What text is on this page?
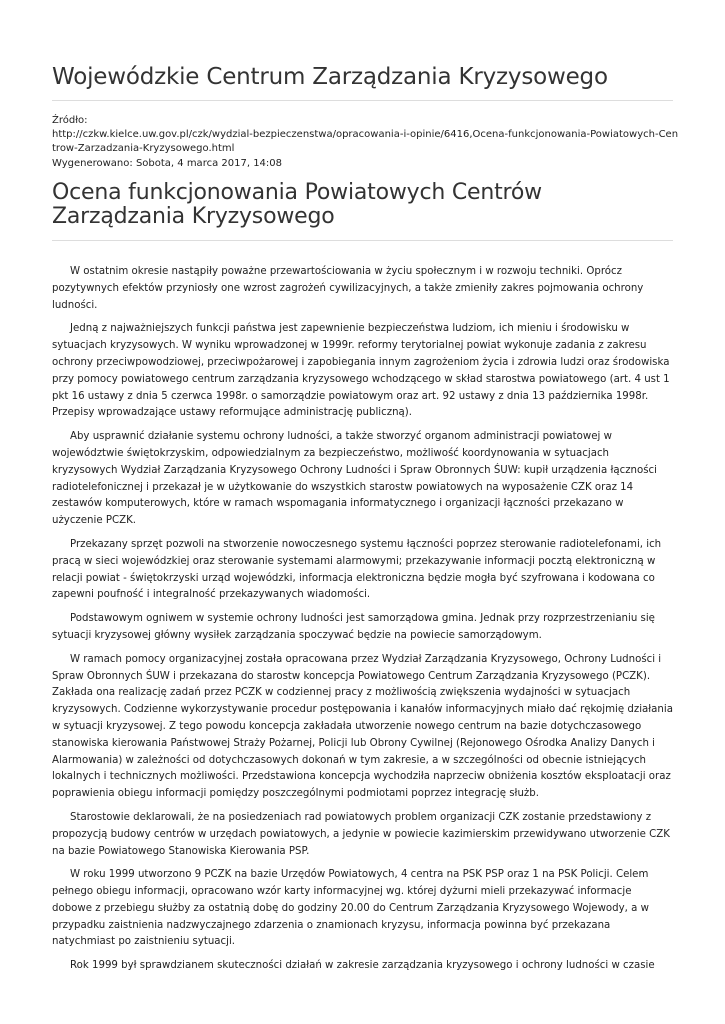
Wojewódzkie Centrum Zarządzania Kryzysowego
Źródło:
http://czkw.kielce.uw.gov.pl/czk/wydzial-bezpieczenstwa/opracowania-i-opinie/6416,Ocena-funkcjonowania-Powiatowych-Cen
trow-Zarzadzania-Kryzysowego.html
Wygenerowano: Sobota, 4 marca 2017, 14:08
Ocena funkcjonowania Powiatowych Centrów Zarządzania Kryzysowego

W ostatnim okresie nastąpiły poważne przewartościowania w życiu społecznym i w rozwoju techniki. Oprócz pozytywnych efektów przyniosły one wzrost zagrożeń cywilizacyjnych, a także zmieniły zakres pojmowania ochrony ludności.

Jedną z najważniejszych funkcji państwa jest zapewnienie bezpieczeństwa ludziom, ich mieniu i środowisku w sytuacjach kryzysowych. W wyniku wprowadzonej w 1999r. reformy terytorialnej powiat wykonuje zadania z zakresu ochrony przeciwpowodziowej, przeciwpożarowej i zapobiegania innym zagrożeniom życia i zdrowia ludzi oraz środowiska przy pomocy powiatowego centrum zarządzania kryzysowego wchodzącego w skład starostwa powiatowego (art. 4 ust 1 pkt 16 ustawy z dnia 5 czerwca 1998r. o samorządzie powiatowym oraz art. 92 ustawy z dnia 13 października 1998r. Przepisy wprowadzające ustawy reformujące administrację publiczną).

Aby usprawnić działanie systemu ochrony ludności, a także stworzyć organom administracji powiatowej w województwie świętokrzyskim, odpowiedzialnym za bezpieczeństwo, możliwość koordynowania w sytuacjach kryzysowych Wydział Zarządzania Kryzysowego Ochrony Ludności i Spraw Obronnych ŚUW: kupił urządzenia łączności radiotelefonicznej i przekazał je w użytkowanie do wszystkich starostw powiatowych na wyposażenie CZK oraz 14 zestawów komputerowych, które w ramach wspomagania informatycznego i organizacji łączności przekazano w użyczenie PCZK.

Przekazany sprzęt pozwoli na stworzenie nowoczesnego systemu łączności poprzez sterowanie radiotelefonami, ich pracą w sieci wojewódzkiej oraz sterowanie systemami alarmowymi; przekazywanie informacji pocztą elektroniczną w relacji powiat - świętokrzyski urząd wojewódzki, informacja elektroniczna będzie mogła być szyfrowana i kodowana co zapewni poufność i integralność przekazywanych wiadomości.

Podstawowym ogniwem w systemie ochrony ludności jest samorządowa gmina. Jednak przy rozprzestrzenianiu się sytuacji kryzysowej główny wysiłek zarządzania spoczywać będzie na powiecie samorządowym.

W ramach pomocy organizacyjnej została opracowana przez Wydział Zarządzania Kryzysowego, Ochrony Ludności i Spraw Obronnych ŚUW i przekazana do starostw koncepcja Powiatowego Centrum Zarządzania Kryzysowego (PCZK). Zakłada ona realizację zadań przez PCZK w codziennej pracy z możliwością zwiększenia wydajności w sytuacjach kryzysowych. Codzienne wykorzystywanie procedur postępowania i kanałów informacyjnych miało dać rękojmię działania w sytuacji kryzysowej. Z tego powodu koncepcja zakładała utworzenie nowego centrum na bazie dotychczasowego stanowiska kierowania Państwowej Straży Pożarnej, Policji lub Obrony Cywilnej (Rejonowego Ośrodka Analizy Danych i Alarmowania) w zależności od dotychczasowych dokonań w tym zakresie, a w szczególności od obecnie istniejących lokalnych i technicznych możliwości. Przedstawiona koncepcja wychodziła naprzeciw obniżenia kosztów eksploatacji oraz poprawienia obiegu informacji pomiędzy poszczególnymi podmiotami poprzez integrację służb.

Starostowie deklarowali, że na posiedzeniach rad powiatowych problem organizacji CZK zostanie przedstawiony z propozycją budowy centrów w urzędach powiatowych, a jedynie w powiecie kazimierskim przewidywano utworzenie CZK na bazie Powiatowego Stanowiska Kierowania PSP.

W roku 1999 utworzono 9 PCZK na bazie Urzędów Powiatowych, 4 centra na PSK PSP oraz 1 na PSK Policji. Celem pełnego obiegu informacji, opracowano wzór karty informacyjnej wg. której dyżurni mieli przekazywać informacje dobowe z przebiegu służby za ostatnią dobę do godziny 20.00 do Centrum Zarządzania Kryzysowego Wojewody, a w przypadku zaistnienia nadzwyczajnego zdarzenia o znamionach kryzysu, informacja powinna być przekazana natychmiast po zaistnieniu sytuacji.

Rok 1999 był sprawdzianem skuteczności działań w zakresie zarządzania kryzysowego i ochrony ludności w czasie
